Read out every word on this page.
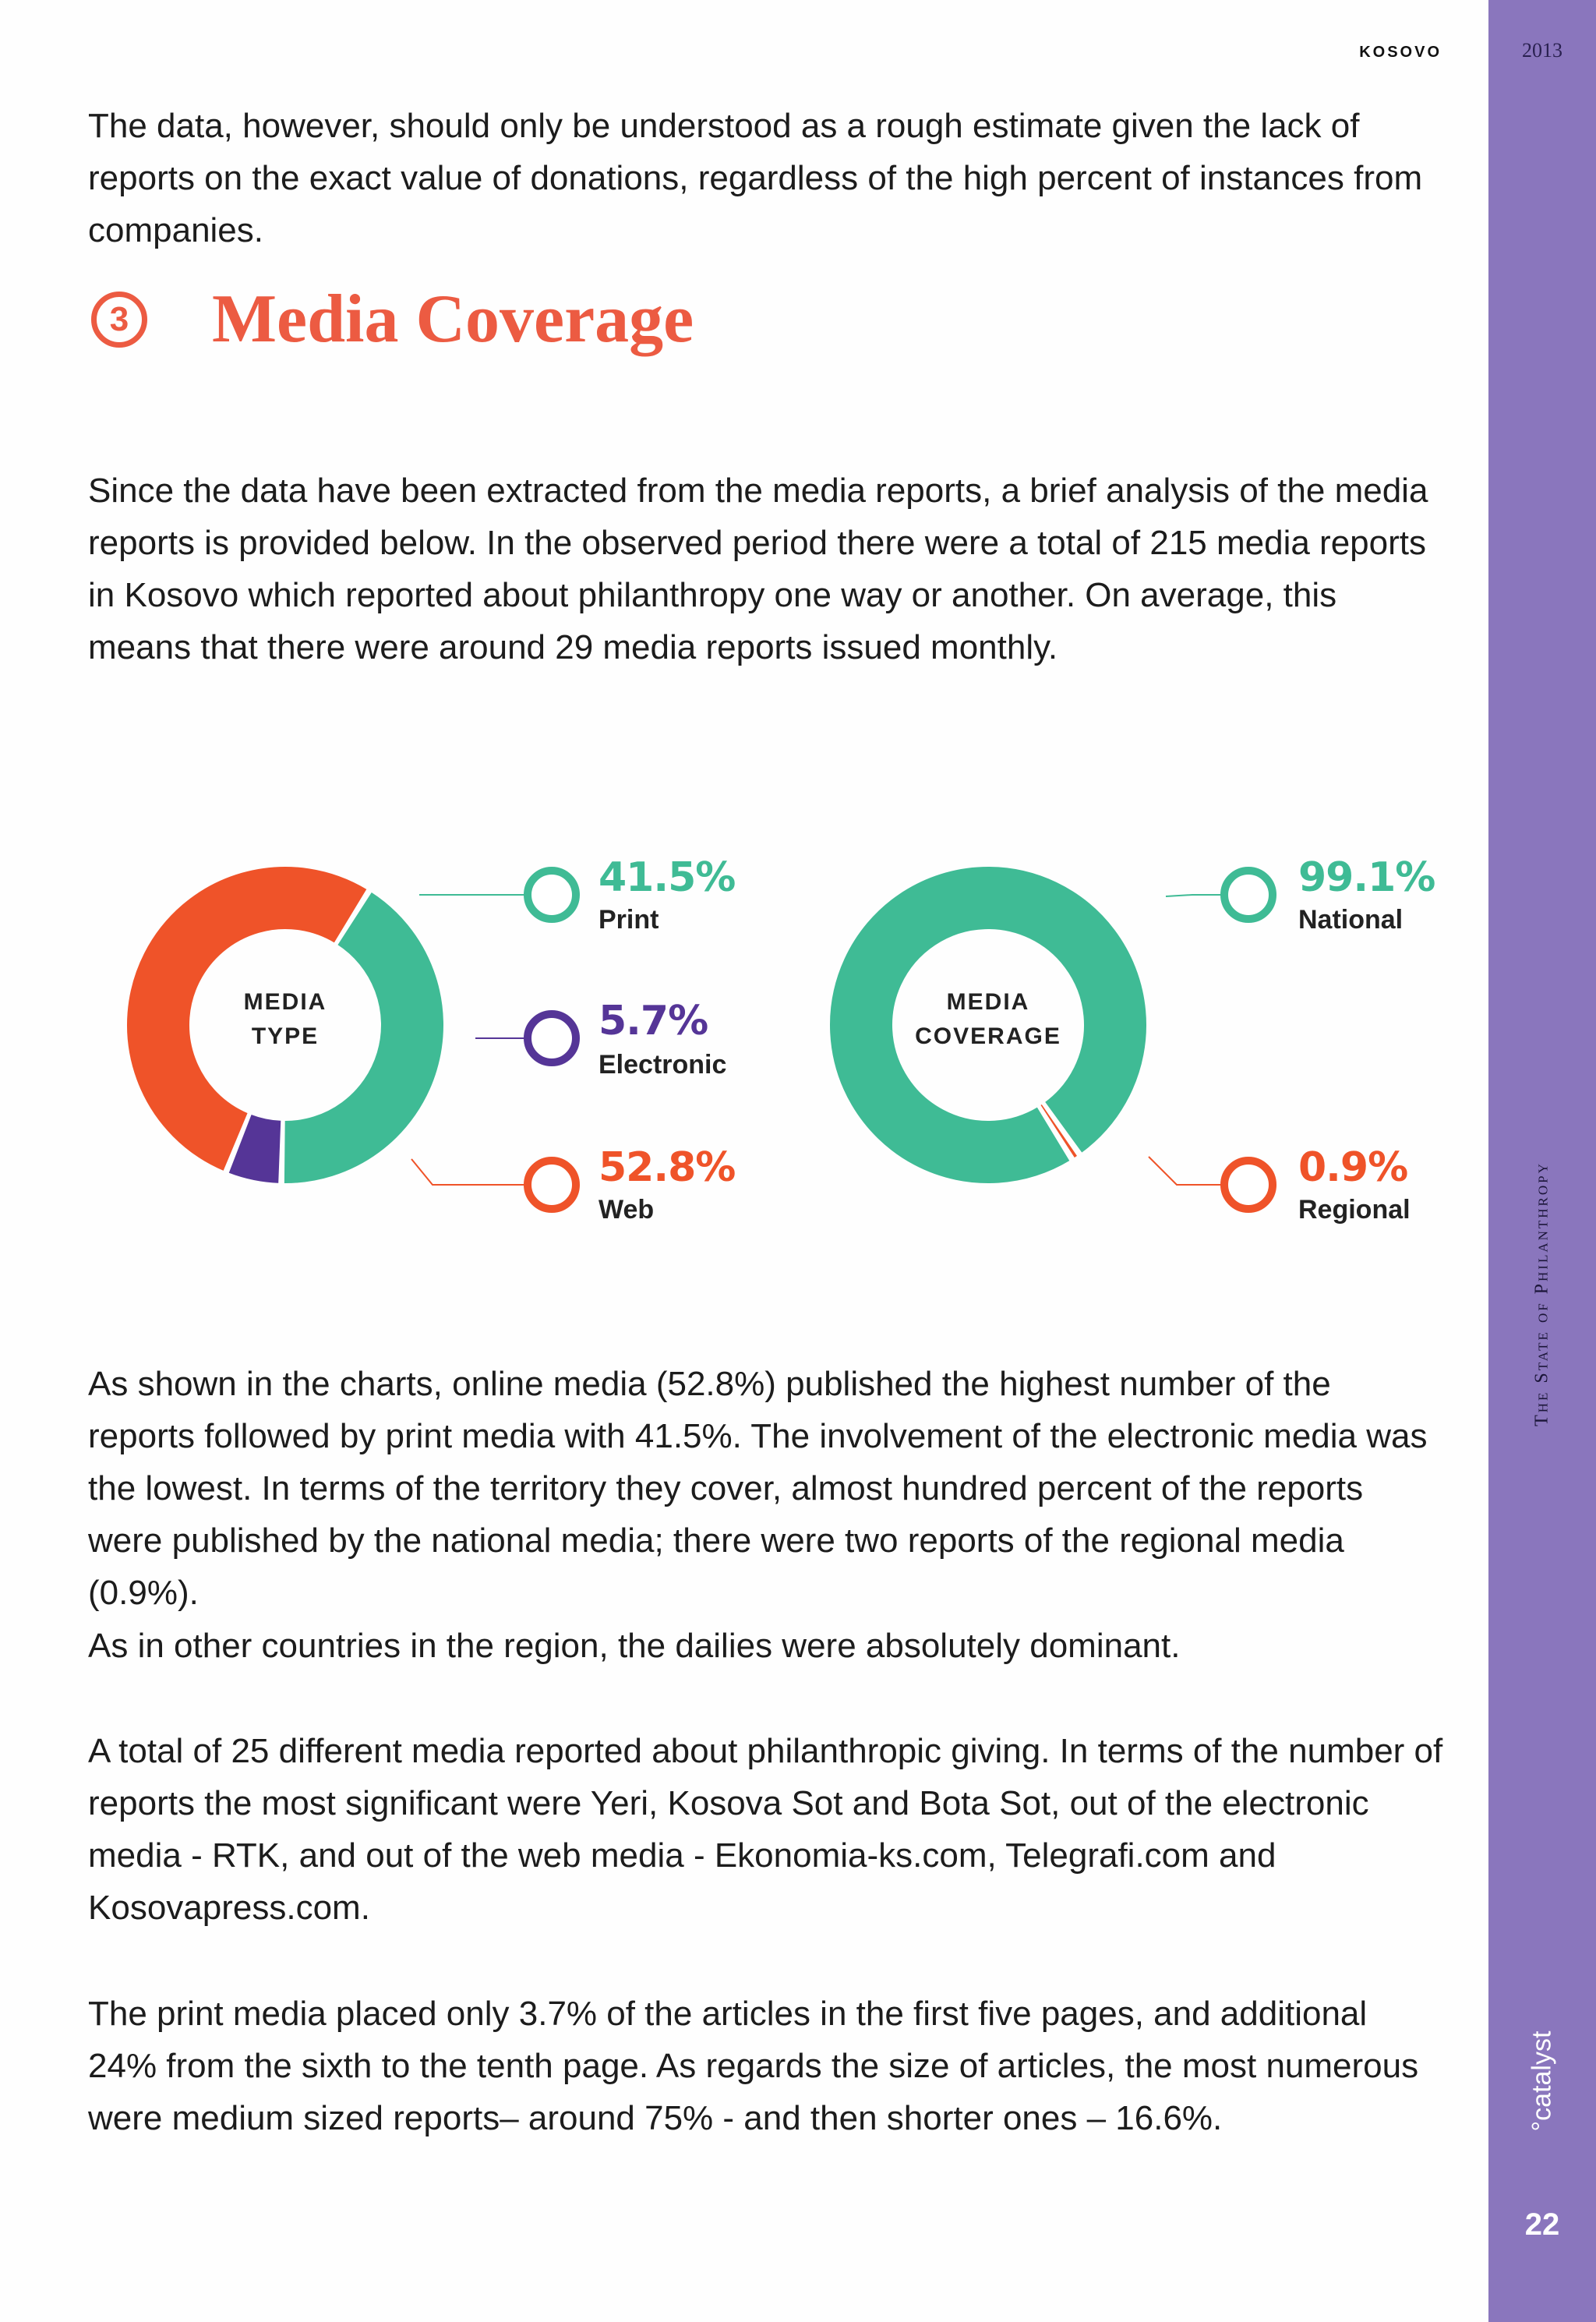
KOSOVO

The data, however, should only be understood as a rough estimate given the lack of reports on the exact value of donations, regardless of the high percent of instances from companies.

3 Media Coverage

Since the data have been extracted from the media reports, a brief analysis of the media reports is provided below. In the observed period there were a total of 215 media reports in Kosovo which reported about philanthropy one way or another. On average, this means that there were around 29 media reports issued monthly.

MEDIA
TYPE
MEDIA
COVERAGE
41.5%
Print
5.7%
Electronic
52.8%
Web
99.1%
National
0.9%
Regional

As shown in the charts, online media (52.8%) published the highest number of the reports followed by print media with 41.5%. The involvement of the electronic media was the lowest. In terms of the territory they cover, almost hundred percent of the reports were published by the national media; there were two reports of the regional media (0.9%).

As in other countries in the region, the dailies were absolutely dominant.

A total of 25 different media reported about philanthropic giving. In terms of the number of reports the most significant were Yeri, Kosova Sot and Bota Sot, out of the electronic media - RTK, and out of the web media - Ekonomia-ks.com, Telegrafi.com and Kosovapress.com.

The print media placed only 3.7% of the articles in the first five pages, and additional 24% from the sixth to the tenth page. As regards the size of articles, the most numerous were medium sized reports– around 75% - and then shorter ones – 16.6%.

2013
The State of Philanthropy
°catalyst
22
